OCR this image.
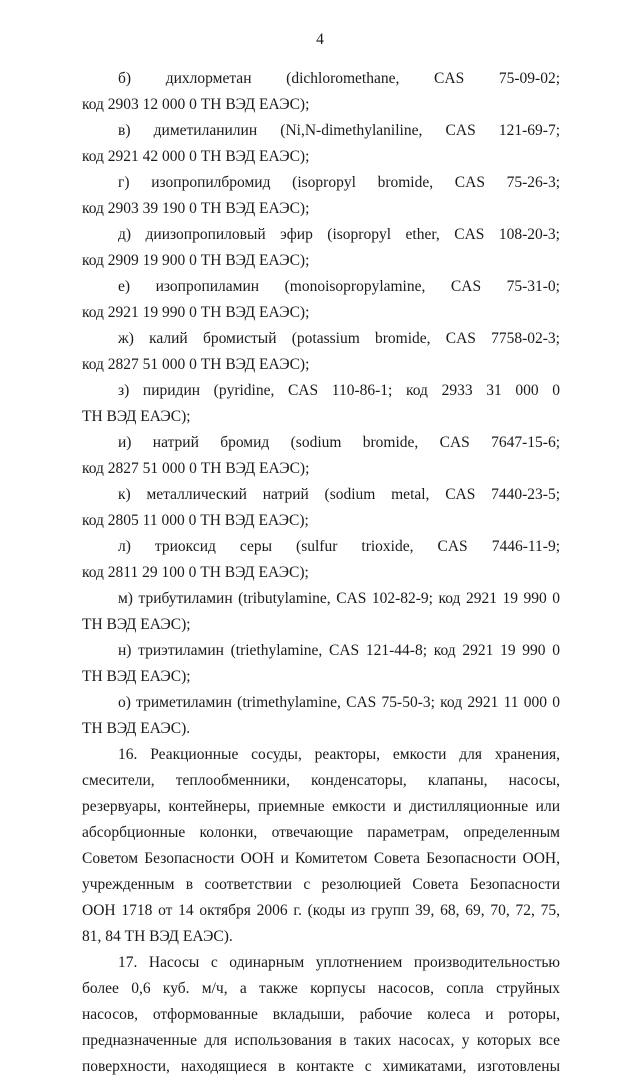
4
б) дихлорметан (dichloromethane, CAS 75-09-02;
код 2903 12 000 0 ТН ВЭД ЕАЭС);
в) диметиланилин (Ni,N-dimethylaniline, CAS 121-69-7;
код 2921 42 000 0 ТН ВЭД ЕАЭС);
г) изопропилбромид (isopropyl bromide, CAS 75-26-3;
код 2903 39 190 0 ТН ВЭД ЕАЭС);
д) диизопропиловый эфир (isopropyl ether, CAS 108-20-3;
код 2909 19 900 0 ТН ВЭД ЕАЭС);
е) изопропиламин (monoisopropylamine, CAS 75-31-0;
код 2921 19 990 0 ТН ВЭД ЕАЭС);
ж) калий бромистый (potassium bromide, CAS 7758-02-3;
код 2827 51 000 0 ТН ВЭД ЕАЭС);
з) пиридин (pyridine, CAS 110-86-1; код 2933 31 000 0
ТН ВЭД ЕАЭС);
и) натрий бромид (sodium bromide, CAS 7647-15-6;
код 2827 51 000 0 ТН ВЭД ЕАЭС);
к) металлический натрий (sodium metal, CAS 7440-23-5;
код 2805 11 000 0 ТН ВЭД ЕАЭС);
л) триоксид серы (sulfur trioxide, CAS 7446-11-9;
код 2811 29 100 0 ТН ВЭД ЕАЭС);
м) трибутиламин (tributylamine, CAS 102-82-9; код 2921 19 990 0
ТН ВЭД ЕАЭС);
н) триэтиламин (triethylamine, CAS 121-44-8; код 2921 19 990 0
ТН ВЭД ЕАЭС);
о) триметиламин (trimethylamine, CAS 75-50-3; код 2921 11 000 0
ТН ВЭД ЕАЭС).
16. Реакционные сосуды, реакторы, емкости для хранения,
смесители, теплообменники, конденсаторы, клапаны, насосы,
резервуары, контейнеры, приемные емкости и дистилляционные или
абсорбционные колонки, отвечающие параметрам, определенным
Советом Безопасности ООН и Комитетом Совета Безопасности ООН,
учрежденным в соответствии с резолюцией Совета Безопасности
ООН 1718 от 14 октября 2006 г. (коды из групп 39, 68, 69, 70, 72, 75,
81, 84 ТН ВЭД ЕАЭС).
17. Насосы с одинарным уплотнением производительностью
более 0,6 куб. м/ч, а также корпусы насосов, сопла струйных
насосов, отформованные вкладыши, рабочие колеса и роторы,
предназначенные для использования в таких насосах, у которых все
поверхности, находящиеся в контакте с химикатами, изготовлены
